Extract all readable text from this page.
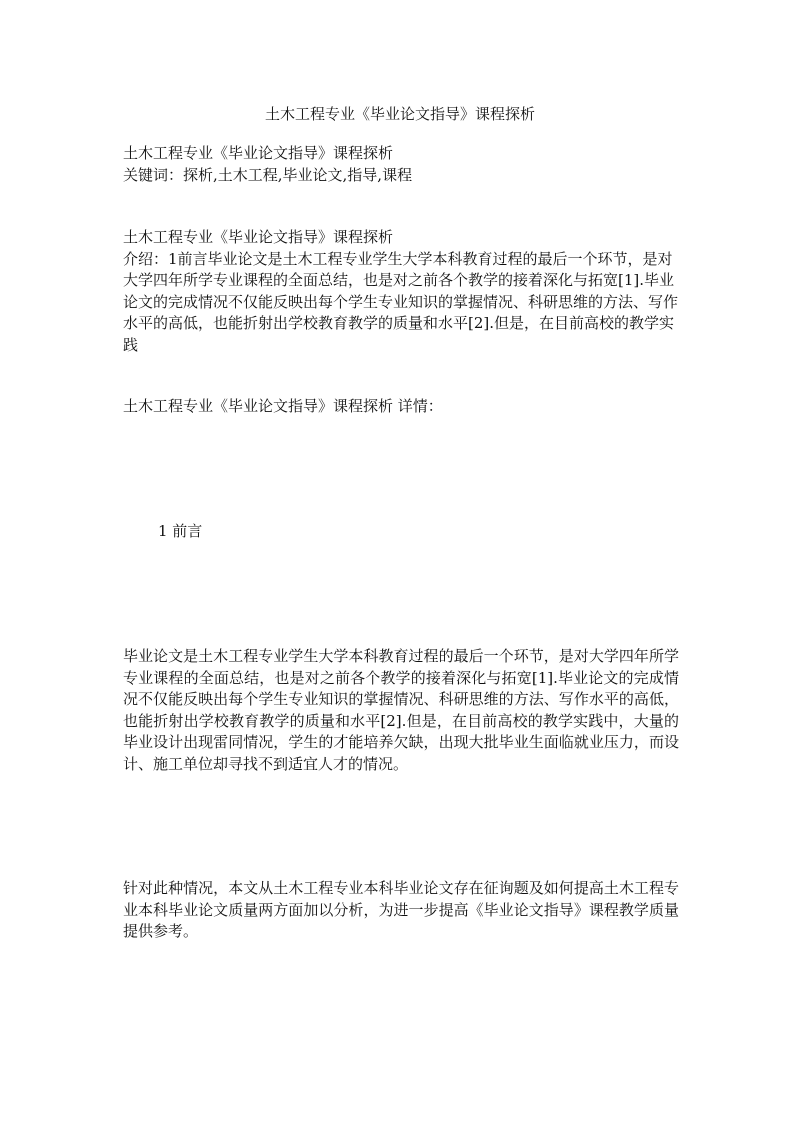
土木工程专业《毕业论文指导》课程探析
土木工程专业《毕业论文指导》课程探析
关键词：探析,土木工程,毕业论文,指导,课程
土木工程专业《毕业论文指导》课程探析
介绍：1前言毕业论文是土木工程专业学生大学本科教育过程的最后一个环节，是对大学四年所学专业课程的全面总结，也是对之前各个教学的接着深化与拓宽[1].毕业论文的完成情况不仅能反映出每个学生专业知识的掌握情况、科研思维的方法、写作水平的高低，也能折射出学校教育教学的质量和水平[2].但是，在目前高校的教学实践
土木工程专业《毕业论文指导》课程探析 详情：
1 前言
毕业论文是土木工程专业学生大学本科教育过程的最后一个环节，是对大学四年所学专业课程的全面总结，也是对之前各个教学的接着深化与拓宽[1].毕业论文的完成情况不仅能反映出每个学生专业知识的掌握情况、科研思维的方法、写作水平的高低，也能折射出学校教育教学的质量和水平[2].但是，在目前高校的教学实践中，大量的毕业设计出现雷同情况，学生的才能培养欠缺，出现大批毕业生面临就业压力，而设计、施工单位却寻找不到适宜人才的情况。
针对此种情况，本文从土木工程专业本科毕业论文存在征询题及如何提高土木工程专业本科毕业论文质量两方面加以分析，为进一步提高《毕业论文指导》课程教学质量提供参考。
